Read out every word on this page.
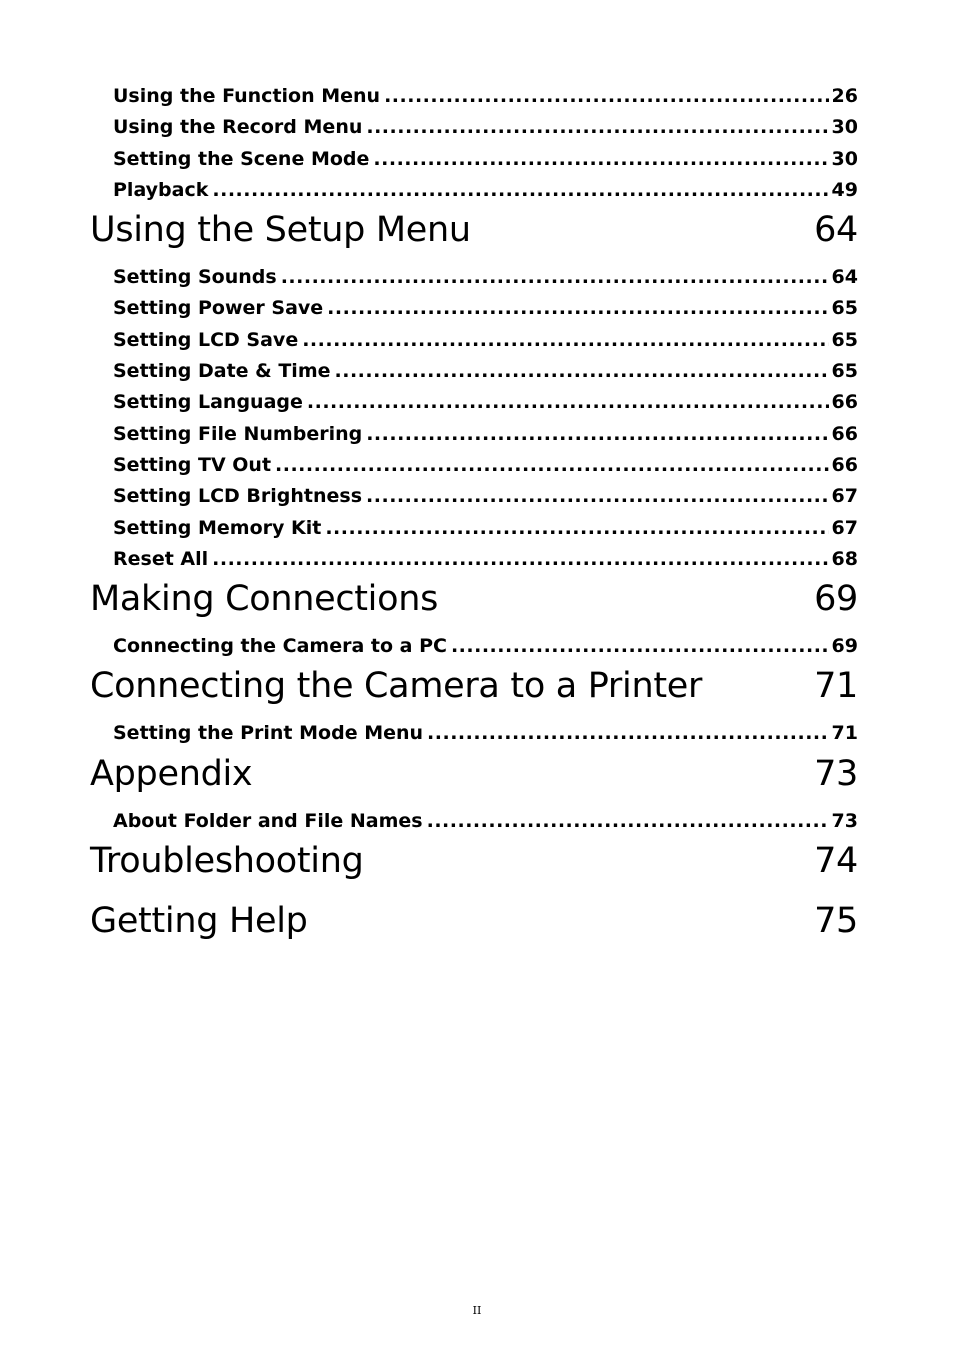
Using the Function Menu .....	26
Using the Record Menu .....	30
Setting the Scene Mode .....	30
Playback .....	49
Using the Setup Menu	64
Setting Sounds .....	64
Setting Power Save .....	65
Setting LCD Save .....	65
Setting Date & Time .....	65
Setting Language .....	66
Setting File Numbering .....	66
Setting TV Out .....	66
Setting LCD Brightness .....	67
Setting Memory Kit .....	67
Reset All .....	68
Making Connections	69
Connecting the Camera to a PC .....	69
Connecting the Camera to a Printer	71
Setting the Print Mode Menu .....	71
Appendix	73
About Folder and File Names .....	73
Troubleshooting	74
Getting Help	75
II
